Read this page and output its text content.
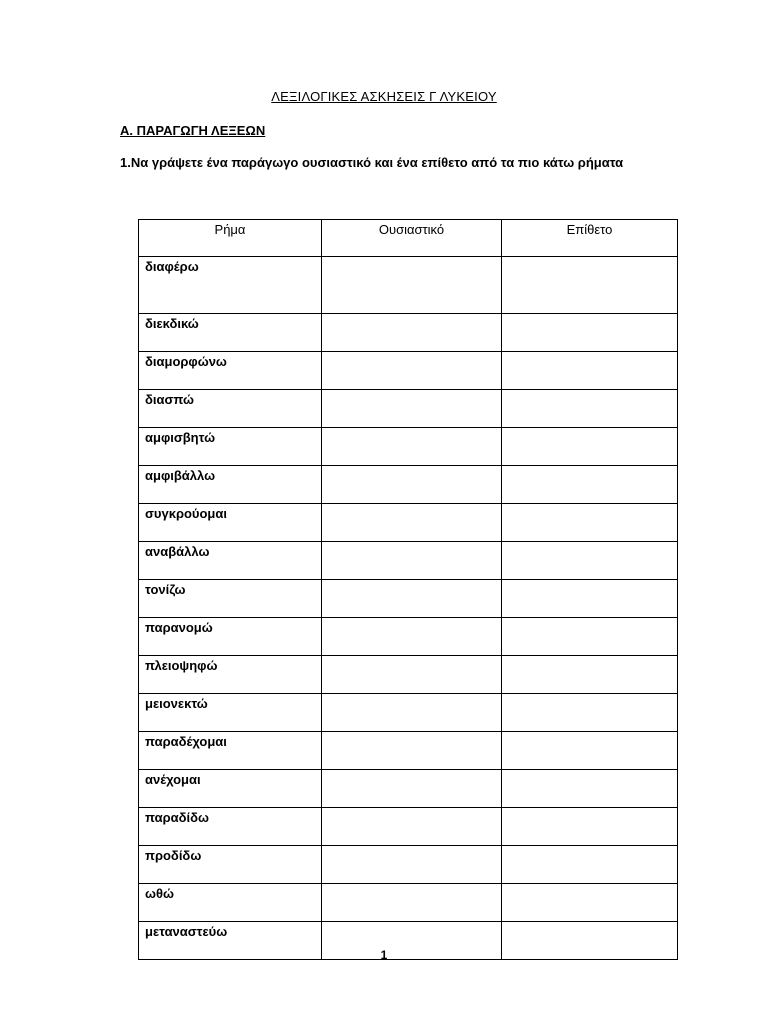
ΛΕΞΙΛΟΓΙΚΕΣ ΑΣΚΗΣΕΙΣ Γ ΛΥΚΕΙΟΥ
Α. ΠΑΡΑΓΩΓΗ ΛΕΞΕΩΝ
1.Να γράψετε ένα παράγωγο ουσιαστικό και ένα επίθετο από τα πιο κάτω ρήματα
Ρήμα	Ουσιαστικό	Επίθετο
διαφέρω		
διεκδικώ		
διαμορφώνω		
διασπώ		
αμφισβητώ		
αμφιβάλλω		
συγκρούομαι		
αναβάλλω		
τονίζω		
παρανομώ		
πλειοψηφώ		
μειονεκτώ		
παραδέχομαι		
ανέχομαι		
παραδίδω		
προδίδω		
ωθώ		
μεταναστεύω		
1
